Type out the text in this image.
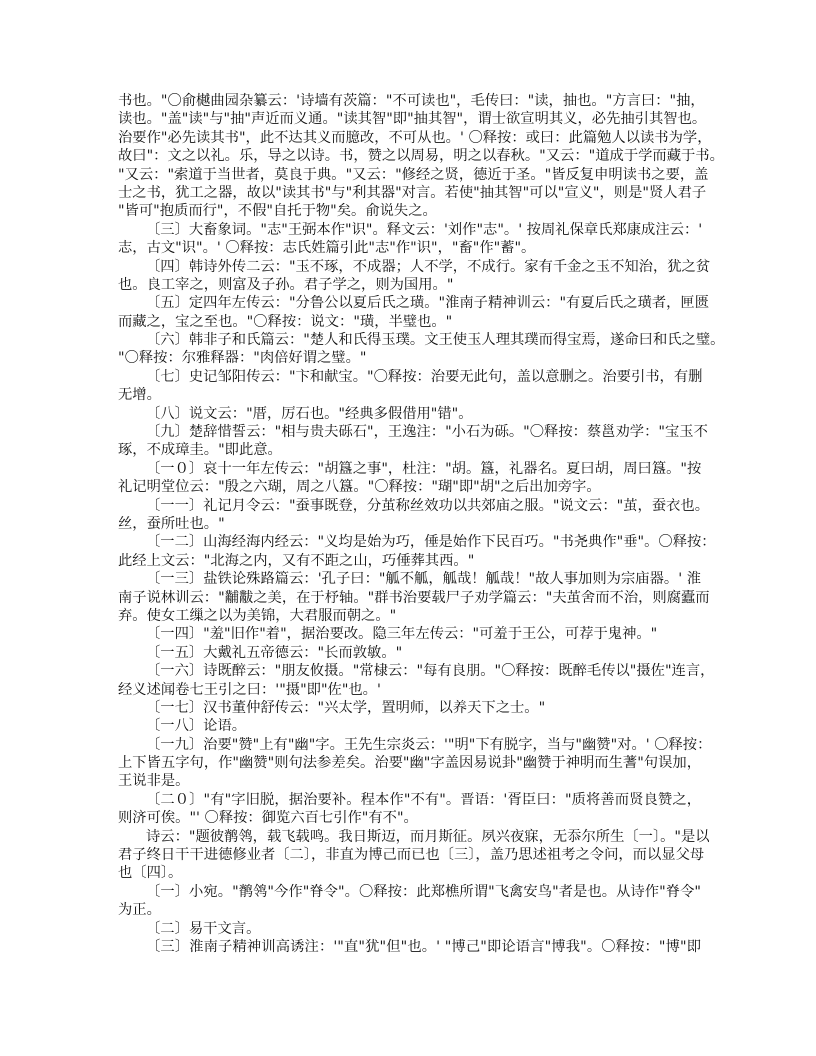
书也。"〇俞樾曲园杂纂云：'诗墙有茨篇："不可读也"，毛传曰："读，抽也。"方言曰："抽，
读也。"盖"读"与"抽"声近而义通。"读其智"即"抽其智"，谓士欲宣明其义，必先抽引其智也。
治要作"必先读其书"，此不达其义而臆改，不可从也。' 〇释按：或曰：此篇勉人以读书为学，
故曰"：文之以礼。乐，导之以诗。书，赞之以周易，明之以春秋。"又云："道成于学而藏于书。
"又云："索道于当世者，莫良于典。"又云："修经之贤，德近于圣。"皆反复申明读书之要，盖
士之书，犹工之器，故以"读其书"与"利其器"对言。若使"抽其智"可以"宣义"，则是"贤人君子
"皆可"抱质而行"，不假"自托于物"矣。俞说失之。
〔三〕大畜象词。"志"王弼本作"识"。释文云：'刘作"志"。' 按周礼保章氏郑康成注云：'
志，古文"识"。' 〇释按：志氏姓篇引此"志"作"识"，"畜"作"蓄"。
〔四〕韩诗外传二云："玉不琢，不成器；人不学，不成行。家有千金之玉不知治，犹之贫
也。良工宰之，则富及子孙。君子学之，则为国用。"
〔五〕定四年左传云："分鲁公以夏后氏之璜。"淮南子精神训云："有夏后氏之璜者，匣匮
而藏之，宝之至也。"〇释按：说文："璜，半璧也。"
〔六〕韩非子和氏篇云："楚人和氏得玉璞。文王使玉人理其璞而得宝焉，遂命曰和氏之璧。
"〇释按：尔雅释器："肉倍好谓之璧。"
〔七〕史记邹阳传云："卞和献宝。"〇释按：治要无此句，盖以意删之。治要引书，有删
无增。
〔八〕说文云："厝，厉石也。"经典多假借用"错"。
〔九〕楚辞惜誓云："相与贵夫砾石"，王逸注："小石为砾。"〇释按：蔡邕劝学："宝玉不
琢，不成璋圭。"即此意。
〔一０〕哀十一年左传云："胡簋之事"，杜注："胡。簋，礼器名。夏曰胡，周曰簋。"按
礼记明堂位云："殷之六瑚，周之八簋。"〇释按："瑚"即"胡"之后出加旁字。
〔一一〕礼记月令云："蚕事既登，分茧称丝效功以共郊庙之服。"说文云："茧，蚕衣也。
丝，蚕所吐也。"
〔一二〕山海经海内经云："义均是始为巧，倕是始作下民百巧。"书尧典作"垂"。〇释按：
此经上文云："北海之内，又有不距之山，巧倕葬其西。"
〔一三〕盐铁论殊路篇云：'孔子曰："觚不觚，觚哉！觚哉！"故人事加则为宗庙器。' 淮
南子说林训云："黼黻之美，在于杼轴。"群书治要载尸子劝学篇云："夫茧舍而不治，则腐蠹而
弃。使女工缫之以为美锦，大君服而朝之。"
〔一四〕"羞"旧作"着"，据治要改。隐三年左传云："可羞于王公，可荐于鬼神。"
〔一五〕大戴礼五帝德云："长而敦敏。"
〔一六〕诗既醉云："朋友攸摄。"常棣云："每有良朋。"〇释按：既醉毛传以"摄佐"连言，
经义述闻卷七王引之曰：'"摄"即"佐"也。'
〔一七〕汉书董仲舒传云："兴太学，置明师，以养天下之士。"
〔一八〕论语。
〔一九〕治要"赞"上有"幽"字。王先生宗炎云：'"明"下有脱字，当与"幽赞"对。' 〇释按：
上下皆五字句，作"幽赞"则句法参差矣。治要"幽"字盖因易说卦"幽赞于神明而生蓍"句误加，
王说非是。
〔二０〕"有"字旧脱，据治要补。程本作"不有"。晋语：'胥臣曰："质将善而贤良赞之，
则济可俟。"' 〇释按：御览六百七引作"有不"。
诗云："题彼鹡鸰，载飞载鸣。我日斯迈，而月斯征。夙兴夜寐，无忝尔所生〔一〕。"是以
君子终日干干进德修业者〔二〕，非直为博己而已也〔三〕，盖乃思述祖考之令问，而以显父母
也〔四〕。
〔一〕小宛。"鹡鸰"今作"脊令"。〇释按：此郑樵所谓"飞禽安鸟"者是也。从诗作"脊令"
为正。
〔二〕易干文言。
〔三〕淮南子精神训高诱注：'"直"犹"但"也。' "博己"即论语言"博我"。〇释按："博"即
